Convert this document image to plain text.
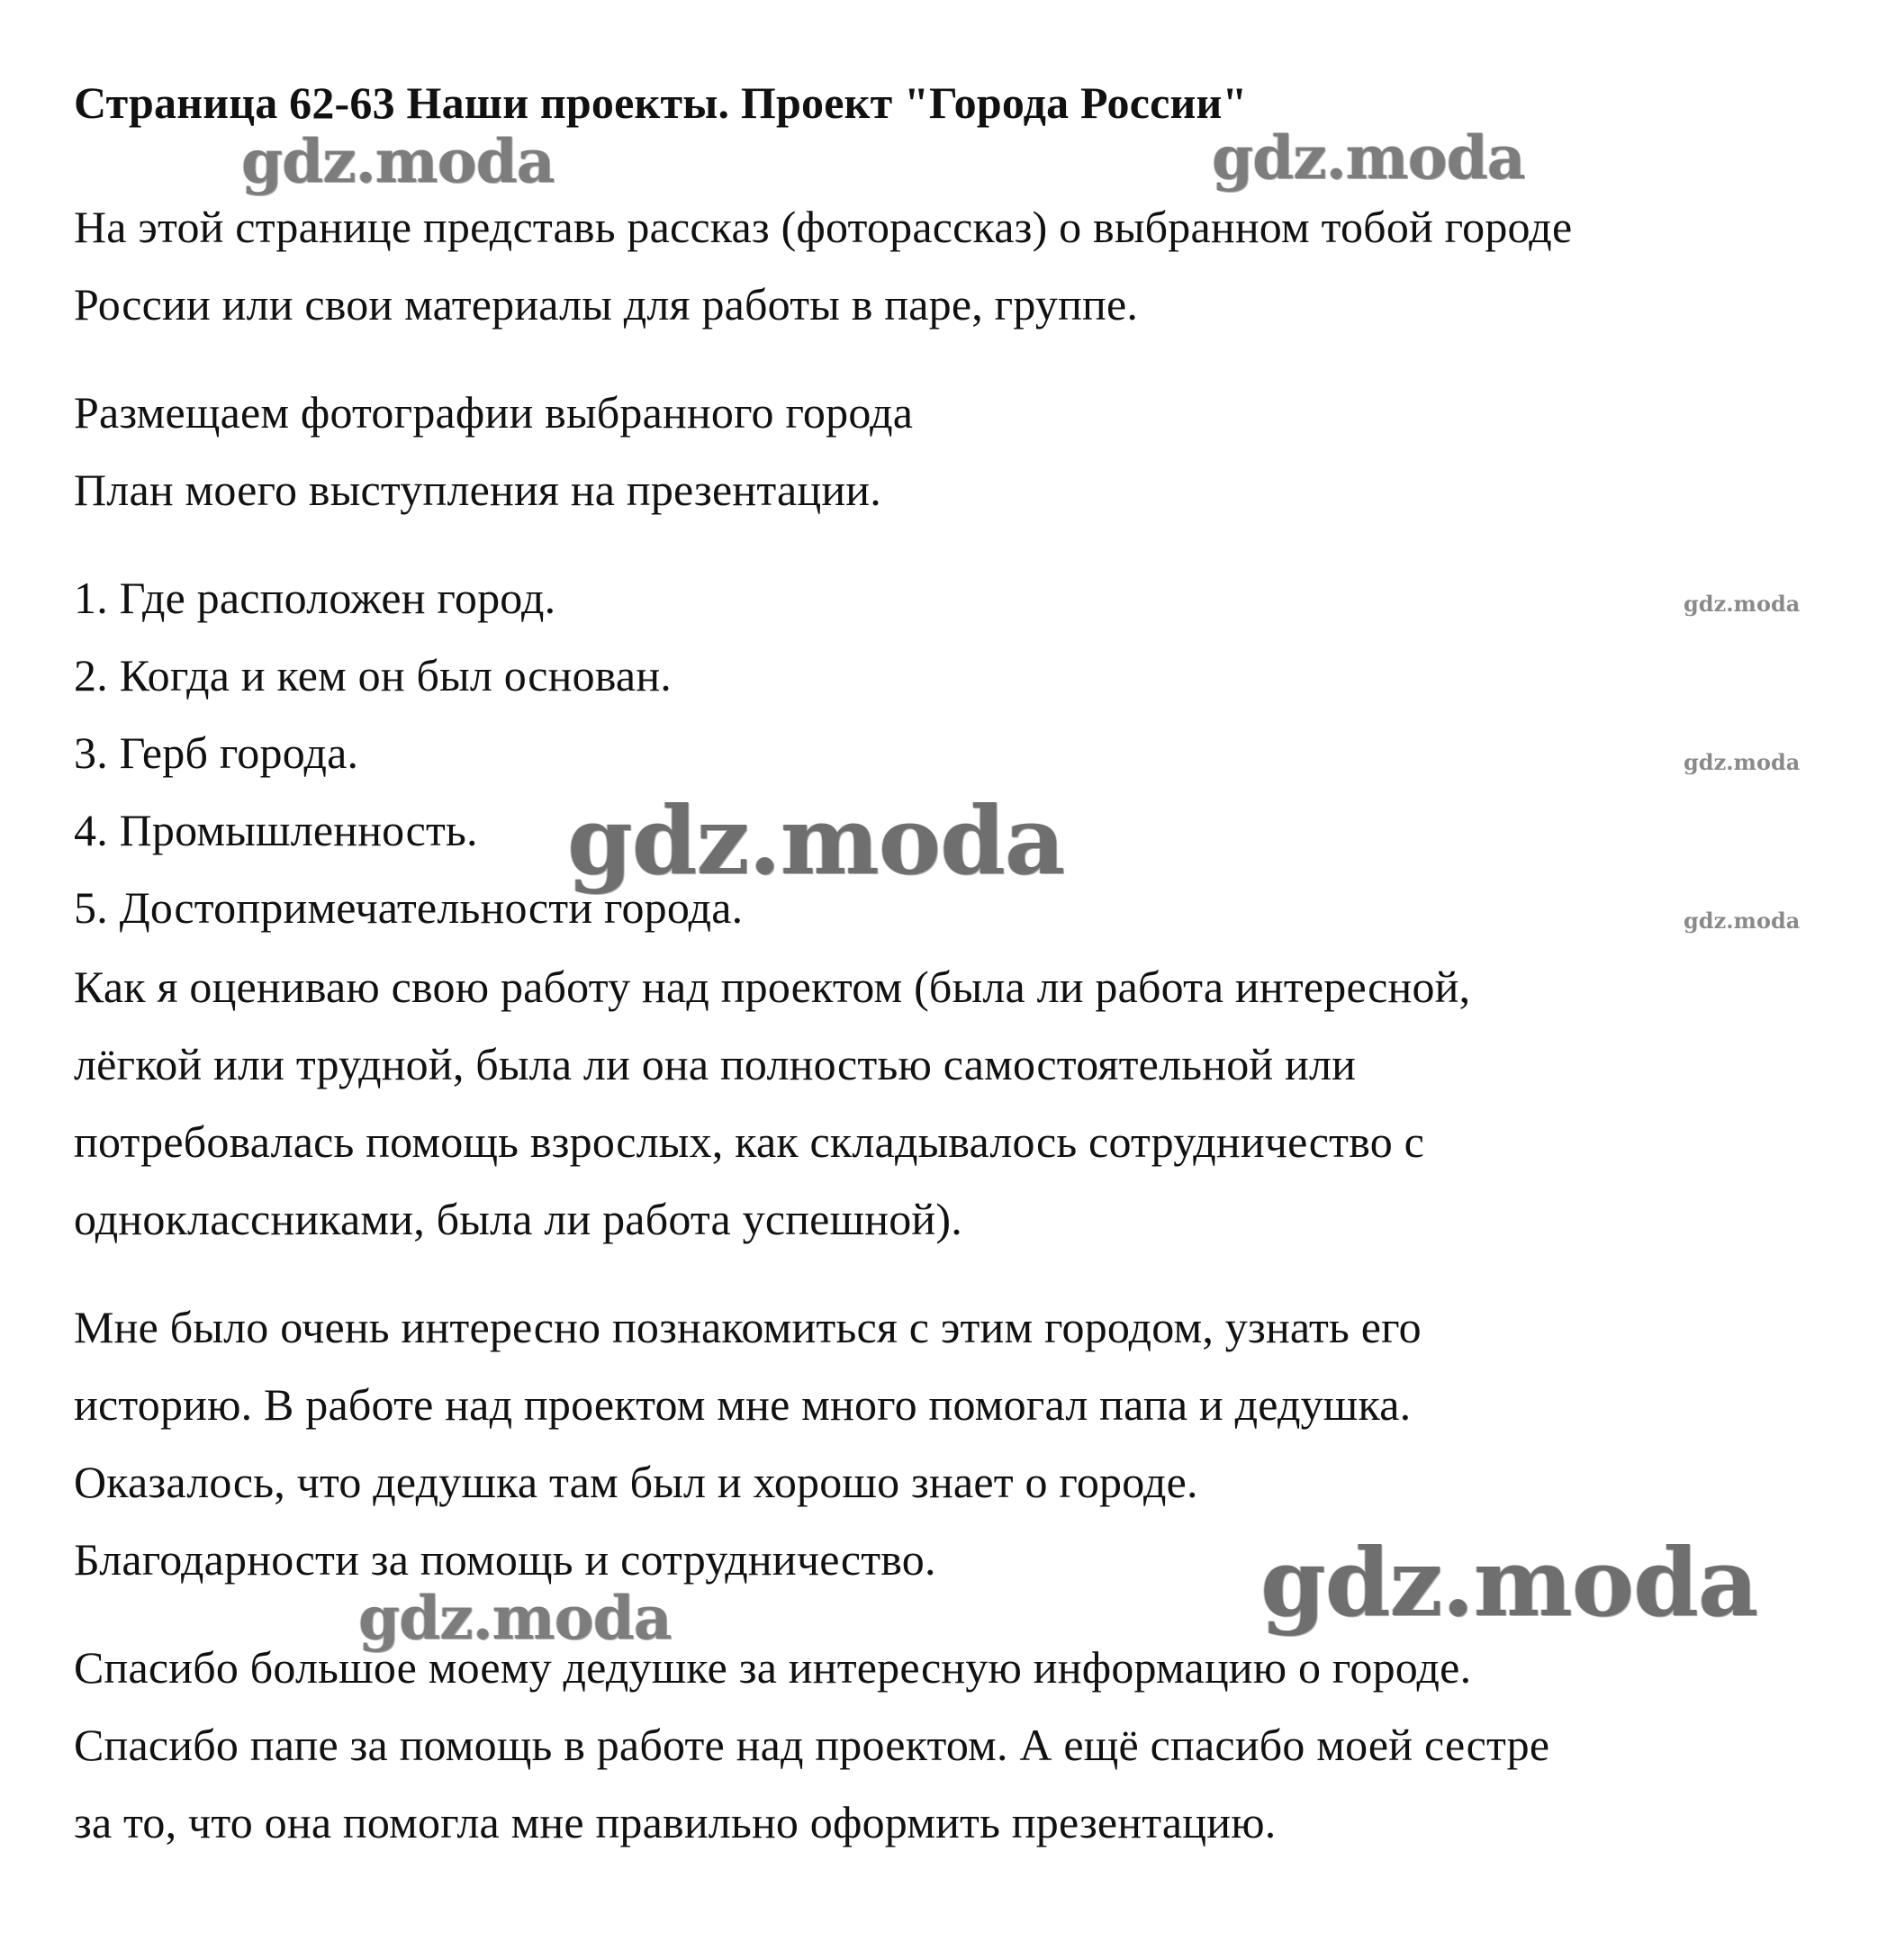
Страница 62-63 Наши проекты. Проект "Города России"
На этой странице представь рассказ (фоторассказ) о выбранном тобой городе
России или свои материалы для работы в паре, группе.
Размещаем фотографии выбранного города
План моего выступления на презентации.
1. Где расположен город.
2. Когда и кем он был основан.
3. Герб города.
4. Промышленность.
5. Достопримечательности города.
Как я оцениваю свою работу над проектом (была ли работа интересной,
лёгкой или трудной, была ли она полностью самостоятельной или
потребовалась помощь взрослых, как складывалось сотрудничество с
одноклассниками, была ли работа успешной).
Мне было очень интересно познакомиться с этим городом, узнать его
историю. В работе над проектом мне много помогал папа и дедушка.
Оказалось, что дедушка там был и хорошо знает о городе.
Благодарности за помощь и сотрудничество.
Спасибо большое моему дедушке за интересную информацию о городе.
Спасибо папе за помощь в работе над проектом. А ещё спасибо моей сестре
за то, что она помогла мне правильно оформить презентацию.
gdz.moda	gdz.moda
gdz.moda
gdz.moda
gdz.moda
gdz.moda
gdz.moda
gdz.moda
